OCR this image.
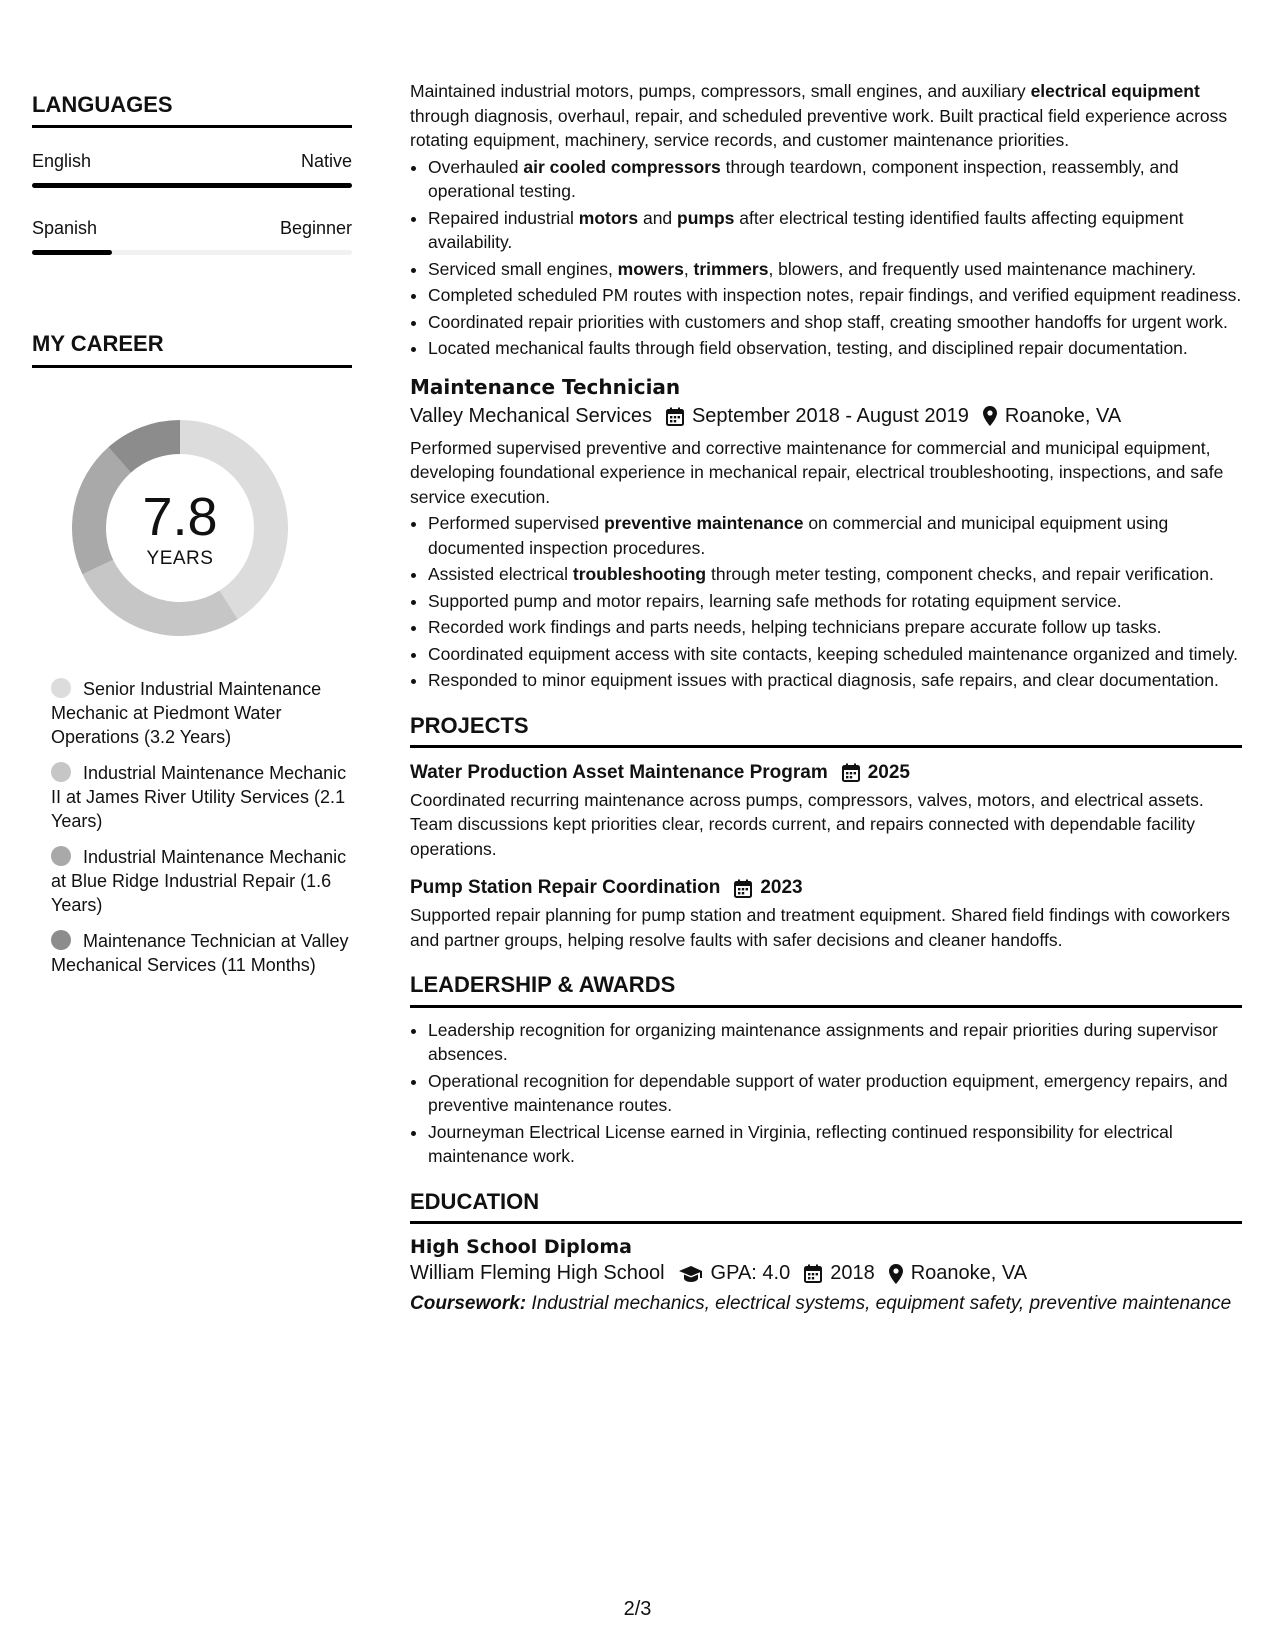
LANGUAGES
English	Native
Spanish	Beginner
MY CAREER
7.8
YEARS
Senior Industrial Maintenance Mechanic at Piedmont Water Operations (3.2 Years)
Industrial Maintenance Mechanic II at James River Utility Services (2.1 Years)
Industrial Maintenance Mechanic at Blue Ridge Industrial Repair (1.6 Years)
Maintenance Technician at Valley Mechanical Services (11 Months)

Maintained industrial motors, pumps, compressors, small engines, and auxiliary electrical equipment through diagnosis, overhaul, repair, and scheduled preventive work. Built practical field experience across rotating equipment, machinery, service records, and customer maintenance priorities.

• Overhauled air cooled compressors through teardown, component inspection, reassembly, and operational testing.
• Repaired industrial motors and pumps after electrical testing identified faults affecting equipment availability.
• Serviced small engines, mowers, trimmers, blowers, and frequently used maintenance machinery.
• Completed scheduled PM routes with inspection notes, repair findings, and verified equipment readiness.
• Coordinated repair priorities with customers and shop staff, creating smoother handoffs for urgent work.
• Located mechanical faults through field observation, testing, and disciplined repair documentation.
Maintenance Technician
Valley Mechanical Services September 2018 - August 2019 Roanoke, VA

Performed supervised preventive and corrective maintenance for commercial and municipal equipment, developing foundational experience in mechanical repair, electrical troubleshooting, inspections, and safe service execution.

• Performed supervised preventive maintenance on commercial and municipal equipment using documented inspection procedures.
• Assisted electrical troubleshooting through meter testing, component checks, and repair verification.
• Supported pump and motor repairs, learning safe methods for rotating equipment service.
• Recorded work findings and parts needs, helping technicians prepare accurate follow up tasks.
• Coordinated equipment access with site contacts, keeping scheduled maintenance organized and timely.
• Responded to minor equipment issues with practical diagnosis, safe repairs, and clear documentation.
PROJECTS
Water Production Asset Maintenance Program 2025

Coordinated recurring maintenance across pumps, compressors, valves, motors, and electrical assets. Team discussions kept priorities clear, records current, and repairs connected with dependable facility operations.

Pump Station Repair Coordination 2023

Supported repair planning for pump station and treatment equipment. Shared field findings with coworkers and partner groups, helping resolve faults with safer decisions and cleaner handoffs.

LEADERSHIP & AWARDS
• Leadership recognition for organizing maintenance assignments and repair priorities during supervisor absences.
• Operational recognition for dependable support of water production equipment, emergency repairs, and preventive maintenance routes.
• Journeyman Electrical License earned in Virginia, reflecting continued responsibility for electrical maintenance work.
EDUCATION
High School Diploma
William Fleming High School GPA: 4.0 2018 Roanoke, VA

Coursework: Industrial mechanics, electrical systems, equipment safety, preventive maintenance

2/3
